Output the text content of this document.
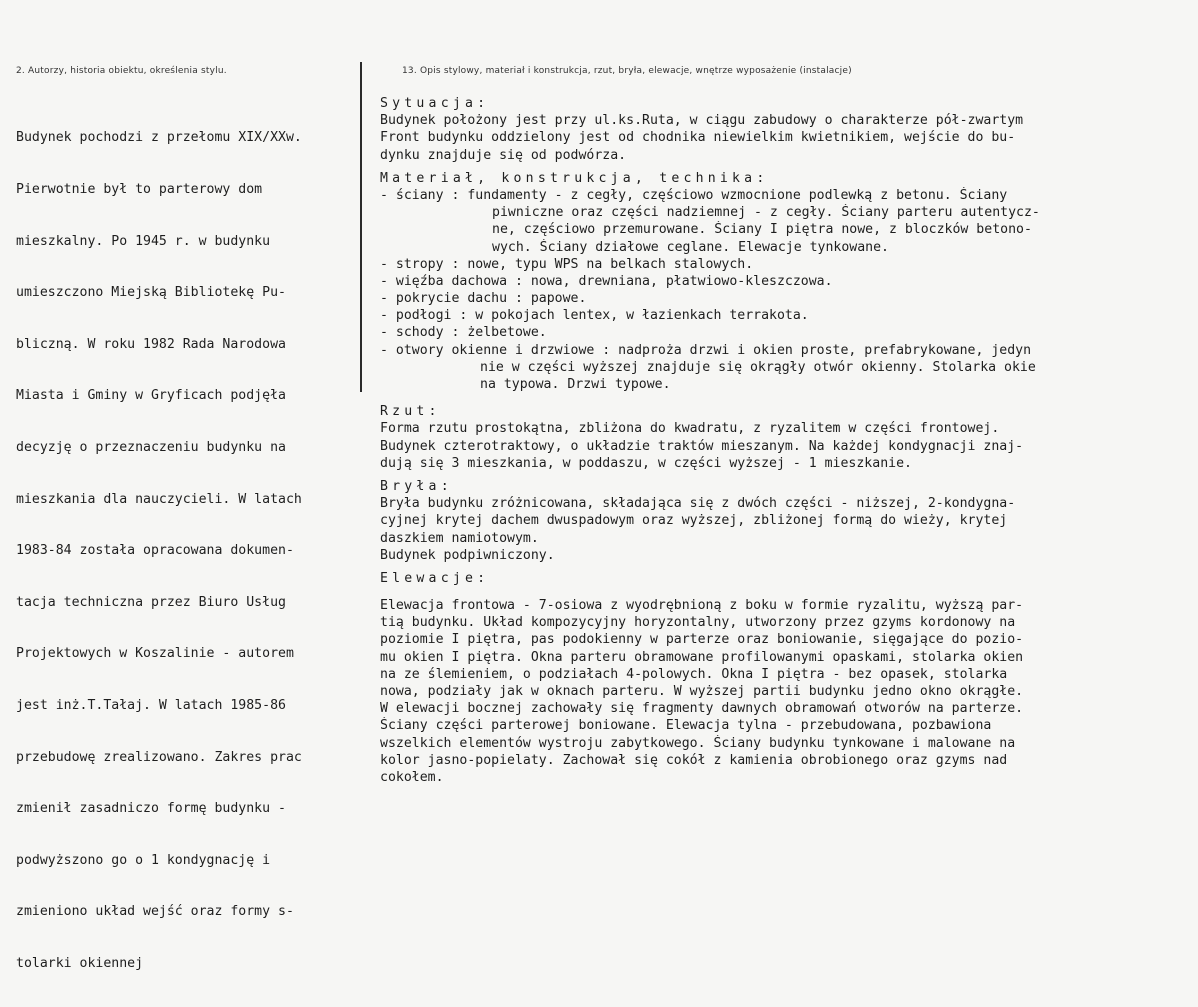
2. Autorzy, historia obiektu, określenia stylu.	13. Opis stylowy, materiał i konstrukcja, rzut, bryła, elewacje, wnętrze wyposażenie (instalacje)

Budynek pochodzi z przełomu XIX/XXw.

Pierwotnie był to parterowy dom

mieszkalny. Po 1945 r. w budynku

umieszczono Miejską Bibliotekę Pu-

bliczną. W roku 1982 Rada Narodowa

Miasta i Gminy w Gryficach podjęła

decyzję o przeznaczeniu budynku na

mieszkania dla nauczycieli. W latach

1983-84 została opracowana dokumen-

tacja techniczna przez Biuro Usług

Projektowych w Koszalinie - autorem

jest inż.T.Tałaj. W latach 1985-86

przebudowę zrealizowano. Zakres prac

zmienił zasadniczo formę budynku -

podwyższono go o 1 kondygnację i

zmieniono układ wejść oraz formy s-

tolarki okiennej

Sytuacja:
Budynek położony jest przy ul.ks.Ruta, w ciągu zabudowy o charakterze pół-zwartym
Front budynku oddzielony jest od chodnika niewielkim kwietnikiem, wejście do bu-
dynku znajduje się od podwórza.
Materiał, konstrukcja, technika:
- ściany : fundamenty - z cegły, częściowo wzmocnione podlewką z betonu. Ściany
piwniczne oraz części nadziemnej - z cegły. Ściany parteru autentycz-
ne, częściowo przemurowane. Ściany I piętra nowe, z bloczków betono-
wych. Ściany działowe ceglane. Elewacje tynkowane.
- stropy : nowe, typu WPS na belkach stalowych.
- więźba dachowa : nowa, drewniana, płatwiowo-kleszczowa.
- pokrycie dachu : papowe.
- podłogi : w pokojach lentex, w łazienkach terrakota.
- schody : żelbetowe.
- otwory okienne i drzwiowe : nadproża drzwi i okien proste, prefabrykowane, jedyn
nie w części wyższej znajduje się okrągły otwór okienny. Stolarka okie
na typowa. Drzwi typowe.
Rzut:
Forma rzutu prostokątna, zbliżona do kwadratu, z ryzalitem w części frontowej.
Budynek czterotraktowy, o układzie traktów mieszanym. Na każdej kondygnacji znaj-
dują się 3 mieszkania, w poddaszu, w części wyższej - 1 mieszkanie.
Bryła:
Bryła budynku zróżnicowana, składająca się z dwóch części - niższej, 2-kondygna-
cyjnej krytej dachem dwuspadowym oraz wyższej, zbliżonej formą do wieży, krytej
daszkiem namiotowym.
Budynek podpiwniczony.
Elewacje:
Elewacja frontowa - 7-osiowa z wyodrębnioną z boku w formie ryzalitu, wyższą par-
tią budynku. Układ kompozycyjny horyzontalny, utworzony przez gzyms kordonowy na
poziomie I piętra, pas podokienny w parterze oraz boniowanie, sięgające do pozio-
mu okien I piętra. Okna parteru obramowane profilowanymi opaskami, stolarka okien
na ze ślemieniem, o podziałach 4-polowych. Okna I piętra - bez opasek, stolarka
nowa, podziały jak w oknach parteru. W wyższej partii budynku jedno okno okrągłe.
W elewacji bocznej zachowały się fragmenty dawnych obramowań otworów na parterze.
Ściany części parterowej boniowane. Elewacja tylna - przebudowana, pozbawiona
wszelkich elementów wystroju zabytkowego. Ściany budynku tynkowane i malowane na
kolor jasno-popielaty. Zachował się cokół z kamienia obrobionego oraz gzyms nad
cokołem.
